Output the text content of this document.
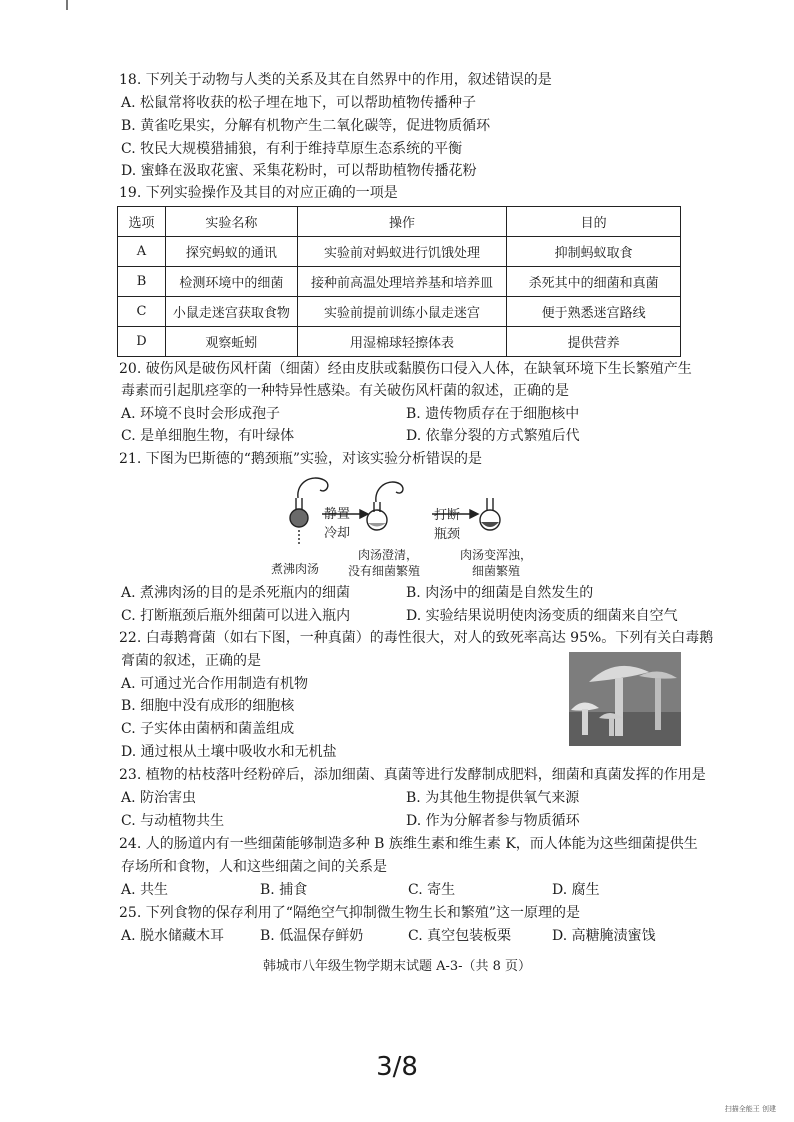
18. 下列关于动物与人类的关系及其在自然界中的作用，叙述错误的是
A. 松鼠常将收获的松子埋在地下，可以帮助植物传播种子
B. 黄雀吃果实，分解有机物产生二氧化碳等，促进物质循环
C. 牧民大规模猎捕狼，有利于维持草原生态系统的平衡
D. 蜜蜂在汲取花蜜、采集花粉时，可以帮助植物传播花粉
19. 下列实验操作及其目的对应正确的一项是
选项	实验名称	操作	目的
A	探究蚂蚁的通讯	实验前对蚂蚁进行饥饿处理	抑制蚂蚁取食
B	检测环境中的细菌	接种前高温处理培养基和培养皿	杀死其中的细菌和真菌
C	小鼠走迷宫获取食物	实验前提前训练小鼠走迷宫	便于熟悉迷宫路线
D	观察蚯蚓	用湿棉球轻擦体表	提供营养
20. 破伤风是破伤风杆菌（细菌）经由皮肤或黏膜伤口侵入人体，在缺氧环境下生长繁殖产生
毒素而引起肌痉挛的一种特异性感染。有关破伤风杆菌的叙述，正确的是
A. 环境不良时会形成孢子	B. 遗传物质存在于细胞核中
C. 是单细胞生物，有叶绿体	D. 依靠分裂的方式繁殖后代
21. 下图为巴斯德的“鹅颈瓶”实验，对该实验分析错误的是
静置
冷却
打断
瓶颈
煮沸肉汤
肉汤澄清，
没有细菌繁殖
肉汤变浑浊，
细菌繁殖
A. 煮沸肉汤的目的是杀死瓶内的细菌	B. 肉汤中的细菌是自然发生的
C. 打断瓶颈后瓶外细菌可以进入瓶内	D. 实验结果说明使肉汤变质的细菌来自空气
22. 白毒鹅膏菌（如右下图，一种真菌）的毒性很大，对人的致死率高达 95%。下列有关白毒鹅
膏菌的叙述，正确的是
A. 可通过光合作用制造有机物
B. 细胞中没有成形的细胞核
C. 子实体由菌柄和菌盖组成
D. 通过根从土壤中吸收水和无机盐
23. 植物的枯枝落叶经粉碎后，添加细菌、真菌等进行发酵制成肥料，细菌和真菌发挥的作用是
A. 防治害虫	B. 为其他生物提供氧气来源
C. 与动植物共生	D. 作为分解者参与物质循环
24. 人的肠道内有一些细菌能够制造多种 B 族维生素和维生素 K，而人体能为这些细菌提供生
存场所和食物，人和这些细菌之间的关系是
A. 共生	B. 捕食	C. 寄生	D. 腐生
25. 下列食物的保存利用了“隔绝空气抑制微生物生长和繁殖”这一原理的是
A. 脱水储藏木耳	B. 低温保存鲜奶	C. 真空包装板栗	D. 高糖腌渍蜜饯
韩城市八年级生物学期末试题 A-3-（共 8 页）
3/8
扫描全能王 创建
